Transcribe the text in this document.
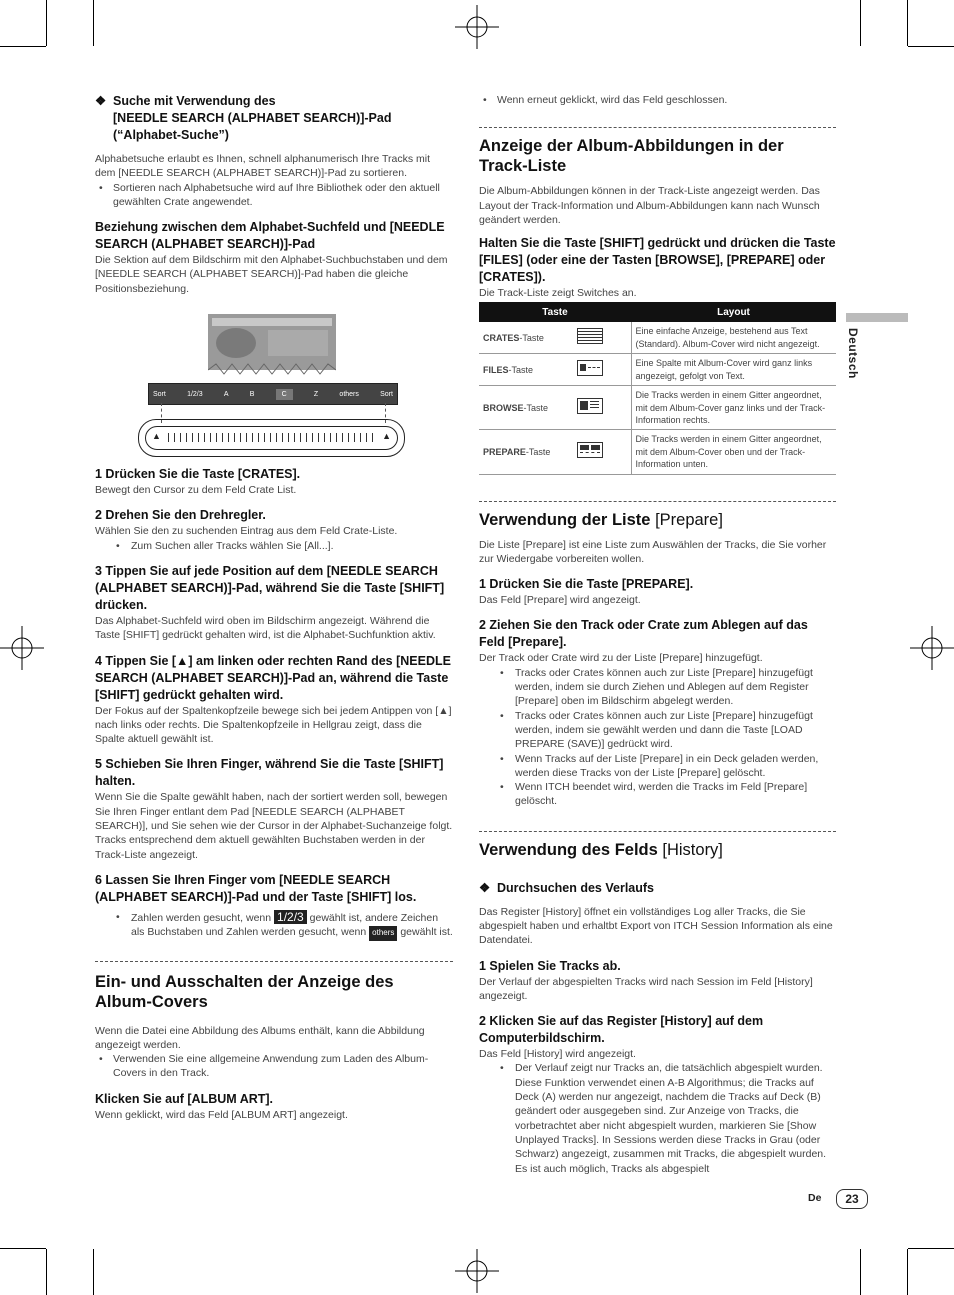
Deutsch
❖ Suche mit Verwendung des
[NEEDLE SEARCH (ALPHABET SEARCH)]-Pad
(“Alphabet-Suche”)
Alphabetsuche erlaubt es Ihnen, schnell alphanumerisch Ihre Tracks mit dem [NEEDLE SEARCH (ALPHABET SEARCH)]-Pad zu sortieren.
• Sortieren nach Alphabetsuche wird auf Ihre Bibliothek oder den aktuell gewählten Crate angewendet.
Beziehung zwischen dem Alphabet-Suchfeld und [NEEDLE SEARCH (ALPHABET SEARCH)]-Pad
Die Sektion auf dem Bildschirm mit den Alphabet-Suchbuchstaben und dem [NEEDLE SEARCH (ALPHABET SEARCH)]-Pad haben die gleiche Positionsbeziehung.
Sort	1/2/3	A	B	C	Z	others	Sort
▲	▲
1 Drücken Sie die Taste [CRATES].
Bewegt den Cursor zu dem Feld Crate List.
2 Drehen Sie den Drehregler.
Wählen Sie den zu suchenden Eintrag aus dem Feld Crate-Liste.
• Zum Suchen aller Tracks wählen Sie [All...].
3 Tippen Sie auf jede Position auf dem [NEEDLE SEARCH (ALPHABET SEARCH)]-Pad, während Sie die Taste [SHIFT] drücken.
Das Alphabet-Suchfeld wird oben im Bildschirm angezeigt. Während die Taste [SHIFT] gedrückt gehalten wird, ist die Alphabet-Suchfunktion aktiv.
4 Tippen Sie [▲] am linken oder rechten Rand des [NEEDLE SEARCH (ALPHABET SEARCH)]-Pad an, während die Taste [SHIFT] gedrückt gehalten wird.
Der Fokus auf der Spaltenkopfzeile bewege sich bei jedem Antippen von [▲] nach links oder rechts. Die Spaltenkopfzeile in Hellgrau zeigt, dass die Spalte aktuell gewählt ist.
5 Schieben Sie Ihren Finger, während Sie die Taste [SHIFT] halten.
Wenn Sie die Spalte gewählt haben, nach der sortiert werden soll, bewegen Sie Ihren Finger entlant dem Pad [NEEDLE SEARCH (ALPHABET SEARCH)], und Sie sehen wie der Cursor in der Alphabet-Suchanzeige folgt. Tracks entsprechend dem aktuell gewählten Buchstaben werden in der Track-Liste angezeigt.
6 Lassen Sie Ihren Finger vom [NEEDLE SEARCH (ALPHABET SEARCH)]-Pad und der Taste [SHIFT] los.
• Zahlen werden gesucht, wenn 1/2/3 gewählt ist, andere Zeichen als Buchstaben und Zahlen werden gesucht, wenn others gewählt ist.
Ein- und Ausschalten der Anzeige des Album-Covers
Wenn die Datei eine Abbildung des Albums enthält, kann die Abbildung angezeigt werden.
• Verwenden Sie eine allgemeine Anwendung zum Laden des Album-Covers in den Track.
Klicken Sie auf [ALBUM ART].
Wenn geklickt, wird das Feld [ALBUM ART] angezeigt.
• Wenn erneut geklickt, wird das Feld geschlossen.
Anzeige der Album-Abbildungen in der Track-Liste
Die Album-Abbildungen können in der Track-Liste angezeigt werden. Das Layout der Track-Information und Album-Abbildungen kann nach Wunsch geändert werden.
Halten Sie die Taste [SHIFT] gedrückt und drücken die Taste [FILES] (oder eine der Tasten [BROWSE], [PREPARE] oder [CRATES]).
Die Track-Liste zeigt Switches an.
Taste	Layout

CRATES-Taste	Eine einfache Anzeige, bestehend aus Text (Standard). Album-Cover wird nicht angezeigt.

FILES-Taste	Eine Spalte mit Album-Cover wird ganz links angezeigt, gefolgt von Text.

BROWSE-Taste	Die Tracks werden in einem Gitter angeordnet, mit dem Album-Cover ganz links und der Track-Information rechts.

PREPARE-Taste	Die Tracks werden in einem Gitter angeordnet, mit dem Album-Cover oben und der Track-Information unten.
Verwendung der Liste [Prepare]
Die Liste [Prepare] ist eine Liste zum Auswählen der Tracks, die Sie vorher zur Wiedergabe vorbereiten wollen.
1 Drücken Sie die Taste [PREPARE].
Das Feld [Prepare] wird angezeigt.
2 Ziehen Sie den Track oder Crate zum Ablegen auf das Feld [Prepare].
Der Track oder Crate wird zu der Liste [Prepare] hinzugefügt.
• Tracks oder Crates können auch zur Liste [Prepare] hinzugefügt werden, indem sie durch Ziehen und Ablegen auf dem Register [Prepare] oben im Bildschirm abgelegt werden.
• Tracks oder Crates können auch zur Liste [Prepare] hinzugefügt werden, indem sie gewählt werden und dann die Taste [LOAD PREPARE (SAVE)] gedrückt wird.
• Wenn Tracks auf der Liste [Prepare] in ein Deck geladen werden, werden diese Tracks von der Liste [Prepare] gelöscht.
• Wenn ITCH beendet wird, werden die Tracks im Feld [Prepare] gelöscht.
Verwendung des Felds [History]
❖ Durchsuchen des Verlaufs
Das Register [History] öffnet ein vollständiges Log aller Tracks, die Sie abgespielt haben und erhaltbt Export von ITCH Session Information als eine Datendatei.
1 Spielen Sie Tracks ab.
Der Verlauf der abgespielten Tracks wird nach Session im Feld [History] angezeigt.
2 Klicken Sie auf das Register [History] auf dem Computerbildschirm.
Das Feld [History] wird angezeigt.
• Der Verlauf zeigt nur Tracks an, die tatsächlich abgespielt wurden. Diese Funktion verwendet einen A-B Algorithmus; die Tracks auf Deck (A) werden nur angezeigt, nachdem die Tracks auf Deck (B) geändert oder ausgegeben sind. Zur Anzeige von Tracks, die vorbetrachtet aber nicht abgespielt wurden, markieren Sie [Show Unplayed Tracks]. In Sessions werden diese Tracks in Grau (oder Schwarz) angezeigt, zusammen mit Tracks, die abgespielt wurden. Es ist auch möglich, Tracks als abgespielt
De	23
